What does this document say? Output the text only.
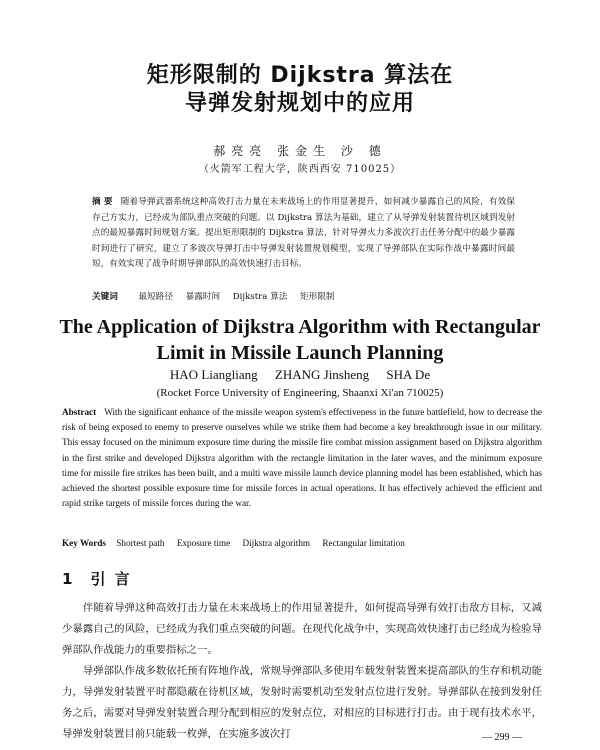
矩形限制的 Dijkstra 算法在
导弹发射规划中的应用
郝亮亮 张金生 沙 德
（火箭军工程大学，陕西西安 710025）
摘 要 随着导弹武器系统这种高效打击力量在未来战场上的作用显著提升，如何减少暴露自己的风险，有效保存己方实力，已经成为部队重点突破的问题。以 Dijkstra 算法为基础，建立了从导弹发射装置待机区域到发射点的最短暴露时间规划方案。提出矩形限制的 Dijkstra 算法，针对导弹火力多波次打击任务分配中的最少暴露时间进行了研究，建立了多波次导弹打击中导弹发射装置规划模型，实现了导弹部队在实际作战中暴露时间最短，有效实现了战争时期导弹部队的高效快速打击目标。
关键词 最短路径 暴露时间 Dijkstra 算法 矩形限制
The Application of Dijkstra Algorithm with Rectangular
Limit in Missile Launch Planning
HAO Liangliang ZHANG Jinsheng SHA De
(Rocket Force University of Engineering, Shaanxi Xi'an 710025)
Abstract With the significant enhance of the missile weapon system's effectiveness in the future battlefield, how to decrease the risk of being exposed to enemy to preserve ourselves while we strike them had become a key breakthrough issue in our military. This essay focused on the minimum exposure time during the missile fire combat mission assignment based on Dijkstra algorithm in the first strike and developed Dijkstra algorithm with the rectangle limitation in the later waves, and the minimum exposure time for missile fire strikes has been built, and a multi wave missile launch device planning model has been established, which has achieved the shortest possible exposure time for missile forces in actual operations. It has effectively achieved the efficient and rapid strike targets of missile forces during the war.
Key Words Shortest path Exposure time Dijkstra algorithm Rectangular limitation
1 引 言

伴随着导弹这种高效打击力量在未来战场上的作用显著提升，如何提高导弹有效打击敌方目标，又减少暴露自己的风险，已经成为我们重点突破的问题。在现代化战争中，实现高效快速打击已经成为检验导弹部队作战能力的重要指标之一。

导弹部队作战多数依托预有阵地作战，常规导弹部队多使用车载发射装置来提高部队的生存和机动能力，导弹发射装置平时都隐蔽在待机区域，发射时需要机动至发射点位进行发射。导弹部队在接到发射任务之后，需要对导弹发射装置合理分配到相应的发射点位，对相应的目标进行打击。由于现有技术水平，导弹发射装置目前只能载一枚弹，在实施多波次打	— 299 —
